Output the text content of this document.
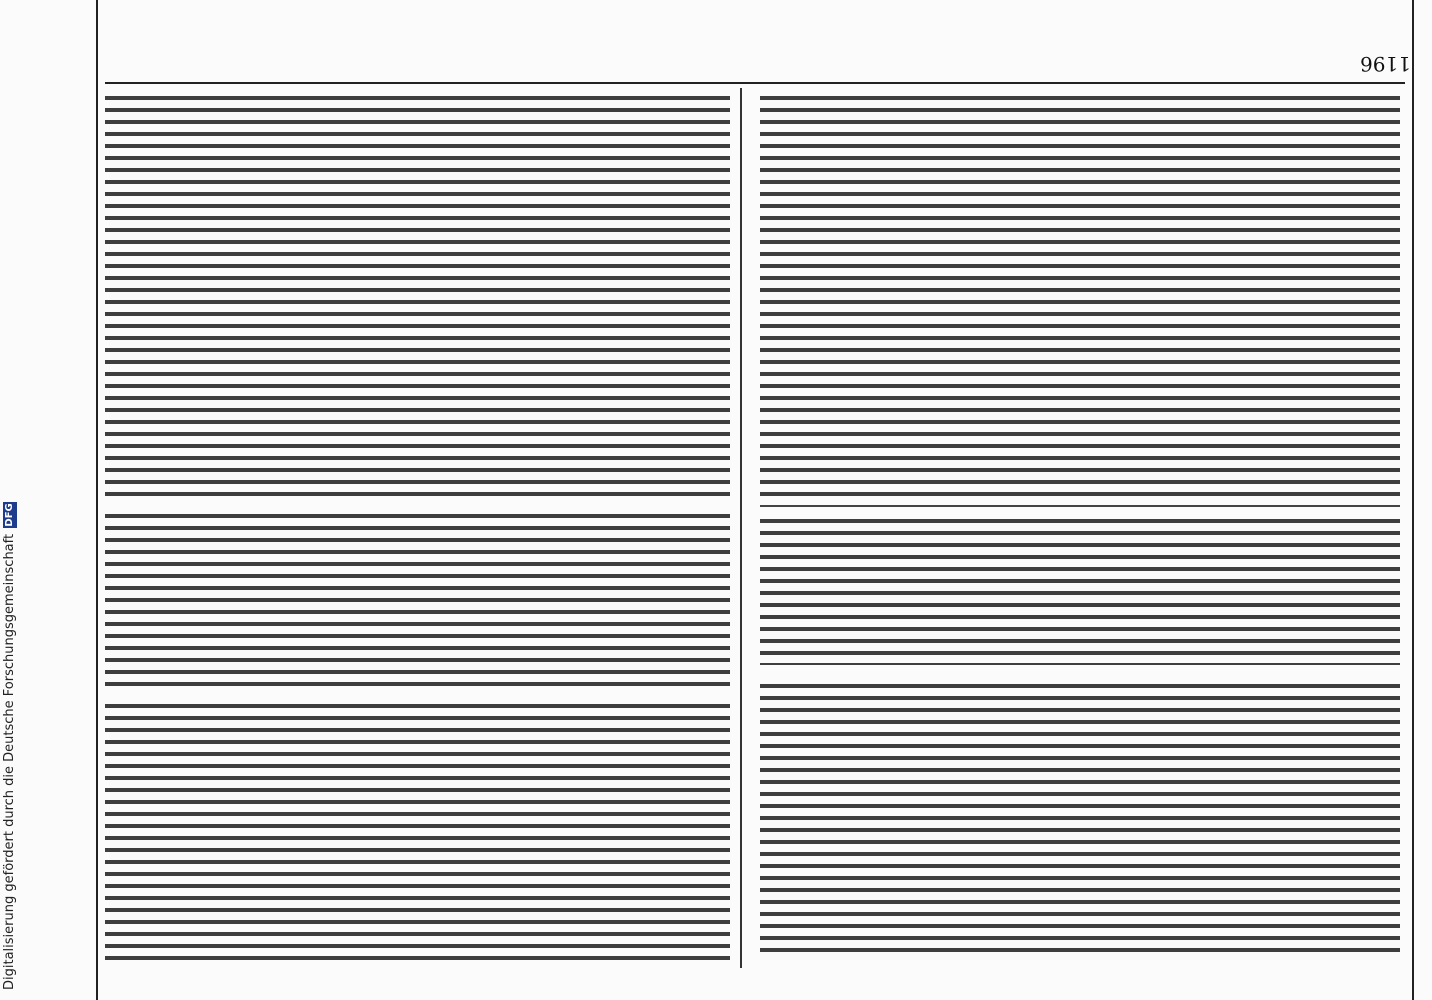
1196
Digitalisierung gefördert durch die Deutsche Forschungsgemeinschaft
DFG
